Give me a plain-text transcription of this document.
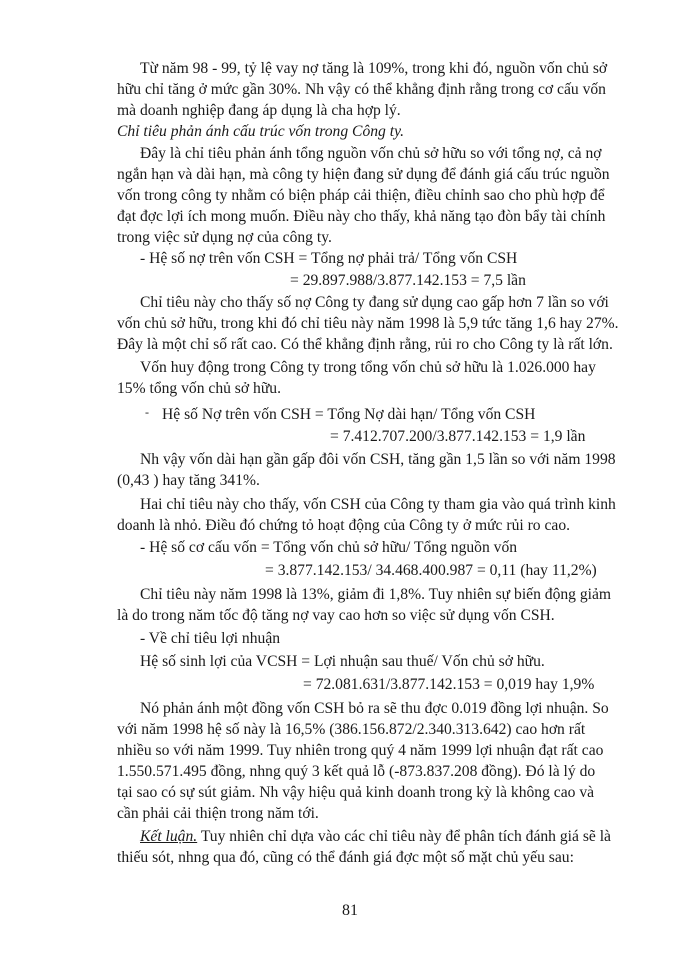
Từ năm 98 - 99, tỷ lệ vay nợ tăng là 109%, trong khi đó, nguồn vốn chủ sở
hữu chỉ tăng ở mức gần 30%. Nh vậy có thể khẳng định rằng trong cơ cấu vốn
mà doanh nghiệp đang áp dụng là cha hợp lý.
Chỉ tiêu phản ánh cấu trúc vốn trong Công ty.
Đây là chỉ tiêu phản ánh tổng nguồn vốn chủ sở hữu so với tổng nợ, cả nợ
ngắn hạn và dài hạn, mà công ty hiện đang sử dụng để đánh giá cấu trúc nguồn
vốn trong công ty nhằm có biện pháp cải thiện, điều chỉnh sao cho phù hợp để
đạt đợc lợi ích mong muốn. Điều này cho thấy, khả năng tạo đòn bẩy tài chính
trong việc sử dụng nợ của công ty.
- Hệ số nợ trên vốn CSH = Tổng nợ phải trả/ Tổng vốn CSH
= 29.897.988/3.877.142.153 = 7,5 lần
Chỉ tiêu này cho thấy số nợ Công ty đang sử dụng cao gấp hơn 7 lần so với
vốn chủ sở hữu, trong khi đó chỉ tiêu này năm 1998 là 5,9 tức tăng 1,6 hay 27%.
Đây là một chỉ số rất cao. Có thể khẳng định rằng, rủi ro cho Công ty là rất lớn.
Vốn huy động trong Công ty trong tổng vốn chủ sở hữu là 1.026.000 hay
15% tổng vốn chủ sở hữu.
- Hệ số Nợ trên vốn CSH = Tổng Nợ dài hạn/ Tổng vốn CSH
= 7.412.707.200/3.877.142.153 = 1,9 lần
Nh vậy vốn dài hạn gần gấp đôi vốn CSH, tăng gần 1,5 lần so với năm 1998
(0,43 ) hay tăng 341%.
Hai chỉ tiêu này cho thấy, vốn CSH của Công ty tham gia vào quá trình kinh
doanh là nhỏ. Điều đó chứng tỏ hoạt động của Công ty ở mức rủi ro cao.
- Hệ số cơ cấu vốn = Tổng vốn chủ sở hữu/ Tổng nguồn vốn
= 3.877.142.153/ 34.468.400.987 = 0,11 (hay 11,2%)
Chỉ tiêu này năm 1998 là 13%, giảm đi 1,8%. Tuy nhiên sự biến động giảm
là do trong năm tốc độ tăng nợ vay cao hơn so việc sử dụng vốn CSH.
- Về chỉ tiêu lợi nhuận
Hệ số sinh lợi của VCSH = Lợi nhuận sau thuế/ Vốn chủ sở hữu.
= 72.081.631/3.877.142.153 = 0,019 hay 1,9%
Nó phản ánh một đồng vốn CSH bỏ ra sẽ thu đợc 0.019 đồng lợi nhuận. So
với năm 1998 hệ số này là 16,5% (386.156.872/2.340.313.642) cao hơn rất
nhiều so với năm 1999. Tuy nhiên trong quý 4 năm 1999 lợi nhuận đạt rất cao
1.550.571.495 đồng, nhng quý 3 kết quả lỗ (-873.837.208 đồng). Đó là lý do
tại sao có sự sút giảm. Nh vậy hiệu quả kinh doanh trong kỳ là không cao và
cần phải cải thiện trong năm tới.
Kết luận. Tuy nhiên chỉ dựa vào các chỉ tiêu này để phân tích đánh giá sẽ là
thiếu sót, nhng qua đó, cũng có thể đánh giá đợc một số mặt chủ yếu sau:
81
